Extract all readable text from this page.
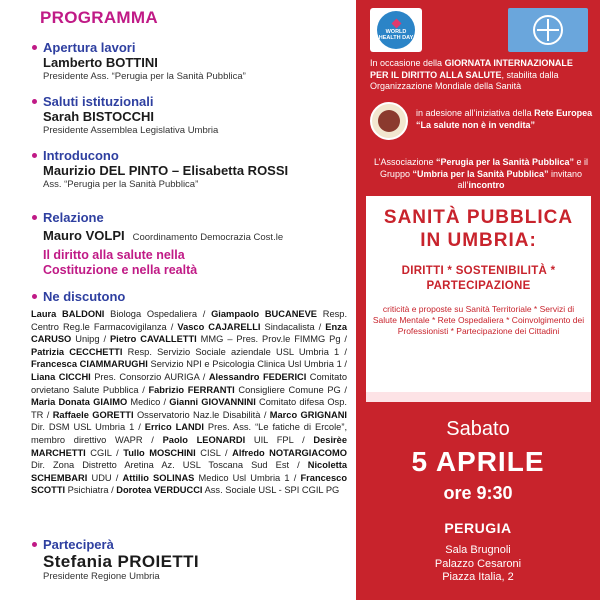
PROGRAMMA
Apertura lavori
Lamberto BOTTINI
Presidente Ass. “Perugia per la Sanità Pubblica”
Saluti istituzionali
Sarah BISTOCCHI
Presidente Assemblea Legislativa Umbria
Introducono
Maurizio DEL PINTO – Elisabetta ROSSI
Ass. “Perugia per la Sanità Pubblica”
Relazione
Mauro VOLPI Coordinamento Democrazia Cost.le
Il diritto alla salute nella
Costituzione e nella realtà
Ne discutono
Laura BALDONI Biologa Ospedaliera / Giampaolo BUCANEVE Resp. Centro Reg.le Farmacovigilanza / Vasco CAJARELLI Sindacalista / Enza CARUSO Unipg / Pietro CAVALLETTI MMG – Pres. Prov.le FIMMG Pg / Patrizia CECCHETTI Resp. Servizio Sociale aziendale USL Umbria 1 / Francesca CIAMMARUGHI Servizio NPI e Psicologia Clinica Usl Umbria 1 / Liana CICCHI Pres. Consorzio AURIGA / Alessandro FEDERICI Comitato orvietano Salute Pubblica / Fabrizio FERRANTI Consigliere Comune PG / Maria Donata GIAIMO Medico / Gianni GIOVANNINI Comitato difesa Osp. TR / Raffaele GORETTI Osservatorio Naz.le Disabilità / Marco GRIGNANI Dir. DSM USL Umbria 1 / Errico LANDI Pres. Ass. “Le fatiche di Ercole”, membro direttivo WAPR / Paolo LEONARDI UIL FPL / Desirèe MARCHETTI CGIL / Tullo MOSCHINI CISL / Alfredo NOTARGIACOMO Dir. Zona Distretto Aretina Az. USL Toscana Sud Est / Nicoletta SCHEMBARI UDU / Attilio SOLINAS Medico Usl Umbria 1 / Francesco SCOTTI Psichiatra / Dorotea VERDUCCI Ass. Sociale USL - SPI CGIL PG
Parteciperà
Stefania PROIETTI
Presidente Regione Umbria
WORLD
HEALTH DAY
In occasione della GIORNATA INTERNAZIONALE PER IL DIRITTO ALLA SALUTE, stabilita dalla Organizzazione Mondiale della Sanità
in adesione all’iniziativa della Rete Europea “La salute non è in vendita”
L’Associazione “Perugia per la Sanità Pubblica” e il Gruppo “Umbria per la Sanità Pubblica” invitano all’incontro
SANITÀ PUBBLICA
IN UMBRIA:
DIRITTI * SOSTENIBILITÀ *
PARTECIPAZIONE
criticità e proposte su Sanità Territoriale * Servizi di Salute Mentale * Rete Ospedaliera * Coinvolgimento dei Professionisti * Partecipazione dei Cittadini
Sabato
5 APRILE
ore 9:30
PERUGIA
Sala Brugnoli
Palazzo Cesaroni
Piazza Italia, 2
